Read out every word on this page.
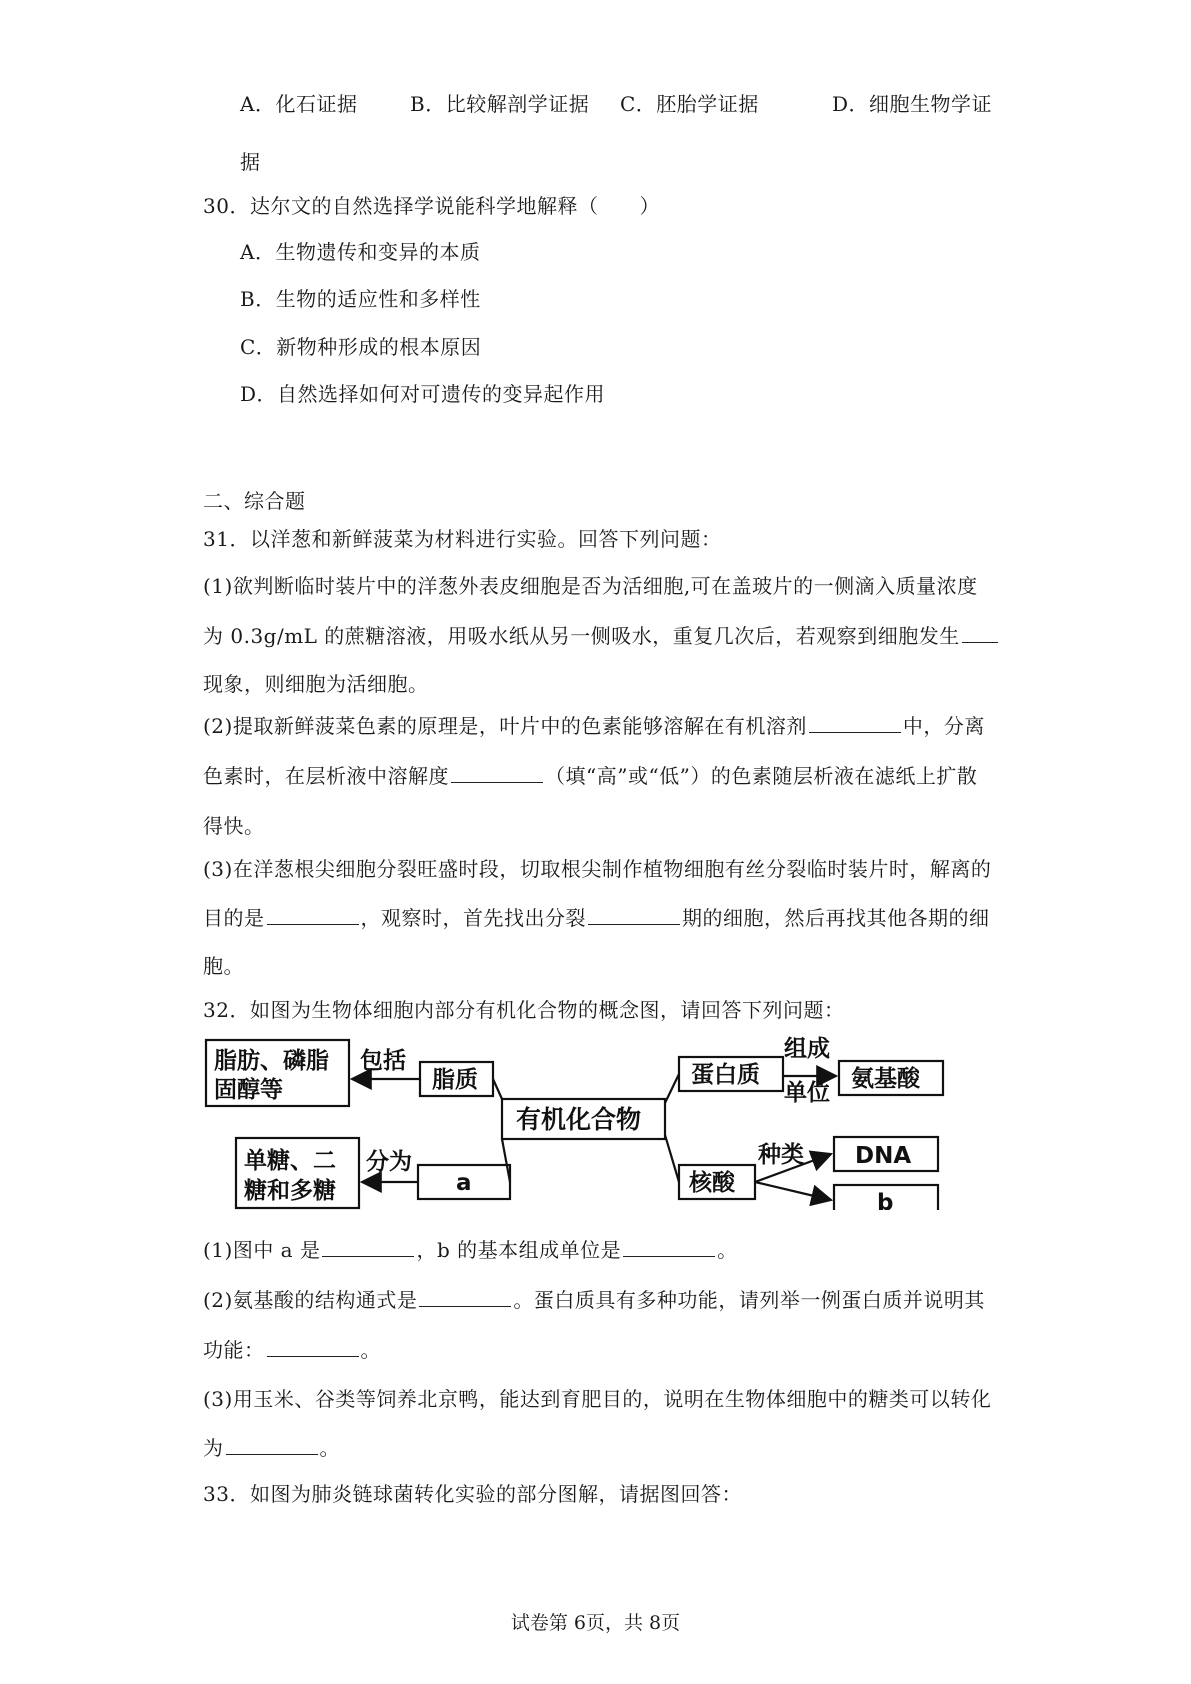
A．化石证据	B．比较解剖学证据 C．胚胎学证据	D．细胞生物学证
据
30．达尔文的自然选择学说能科学地解释（　　）
A．生物遗传和变异的本质
B．生物的适应性和多样性
C．新物种形成的根本原因
D．自然选择如何对可遗传的变异起作用
二、综合题
31．以洋葱和新鲜菠菜为材料进行实验。回答下列问题：
(1)欲判断临时装片中的洋葱外表皮细胞是否为活细胞,可在盖玻片的一侧滴入质量浓度
为 0.3g/mL 的蔗糖溶液，用吸水纸从另一侧吸水，重复几次后，若观察到细胞发生
现象，则细胞为活细胞。
(2)提取新鲜菠菜色素的原理是，叶片中的色素能够溶解在有机溶剂	中，分离
色素时，在层析液中溶解度	（填“高”或“低”）的色素随层析液在滤纸上扩散
得快。
(3)在洋葱根尖细胞分裂旺盛时段，切取根尖制作植物细胞有丝分裂临时装片时，解离的
目的是	，观察时，首先找出分裂	期的细胞，然后再找其他各期的细
胞。
32．如图为生物体细胞内部分有机化合物的概念图，请回答下列问题：
脂肪、磷脂
固醇等
包括
脂质
有机化合物
单糖、二
糖和多糖
分为
a
蛋白质
组成
单位
氨基酸
核酸
种类 DNA
b
(1)图中 a 是	，b 的基本组成单位是	。
(2)氨基酸的结构通式是	。蛋白质具有多种功能，请列举一例蛋白质并说明其
功能：	。
(3)用玉米、谷类等饲养北京鸭，能达到育肥目的，说明在生物体细胞中的糖类可以转化
为	。
33．如图为肺炎链球菌转化实验的部分图解，请据图回答：
试卷第 6页，共 8页
